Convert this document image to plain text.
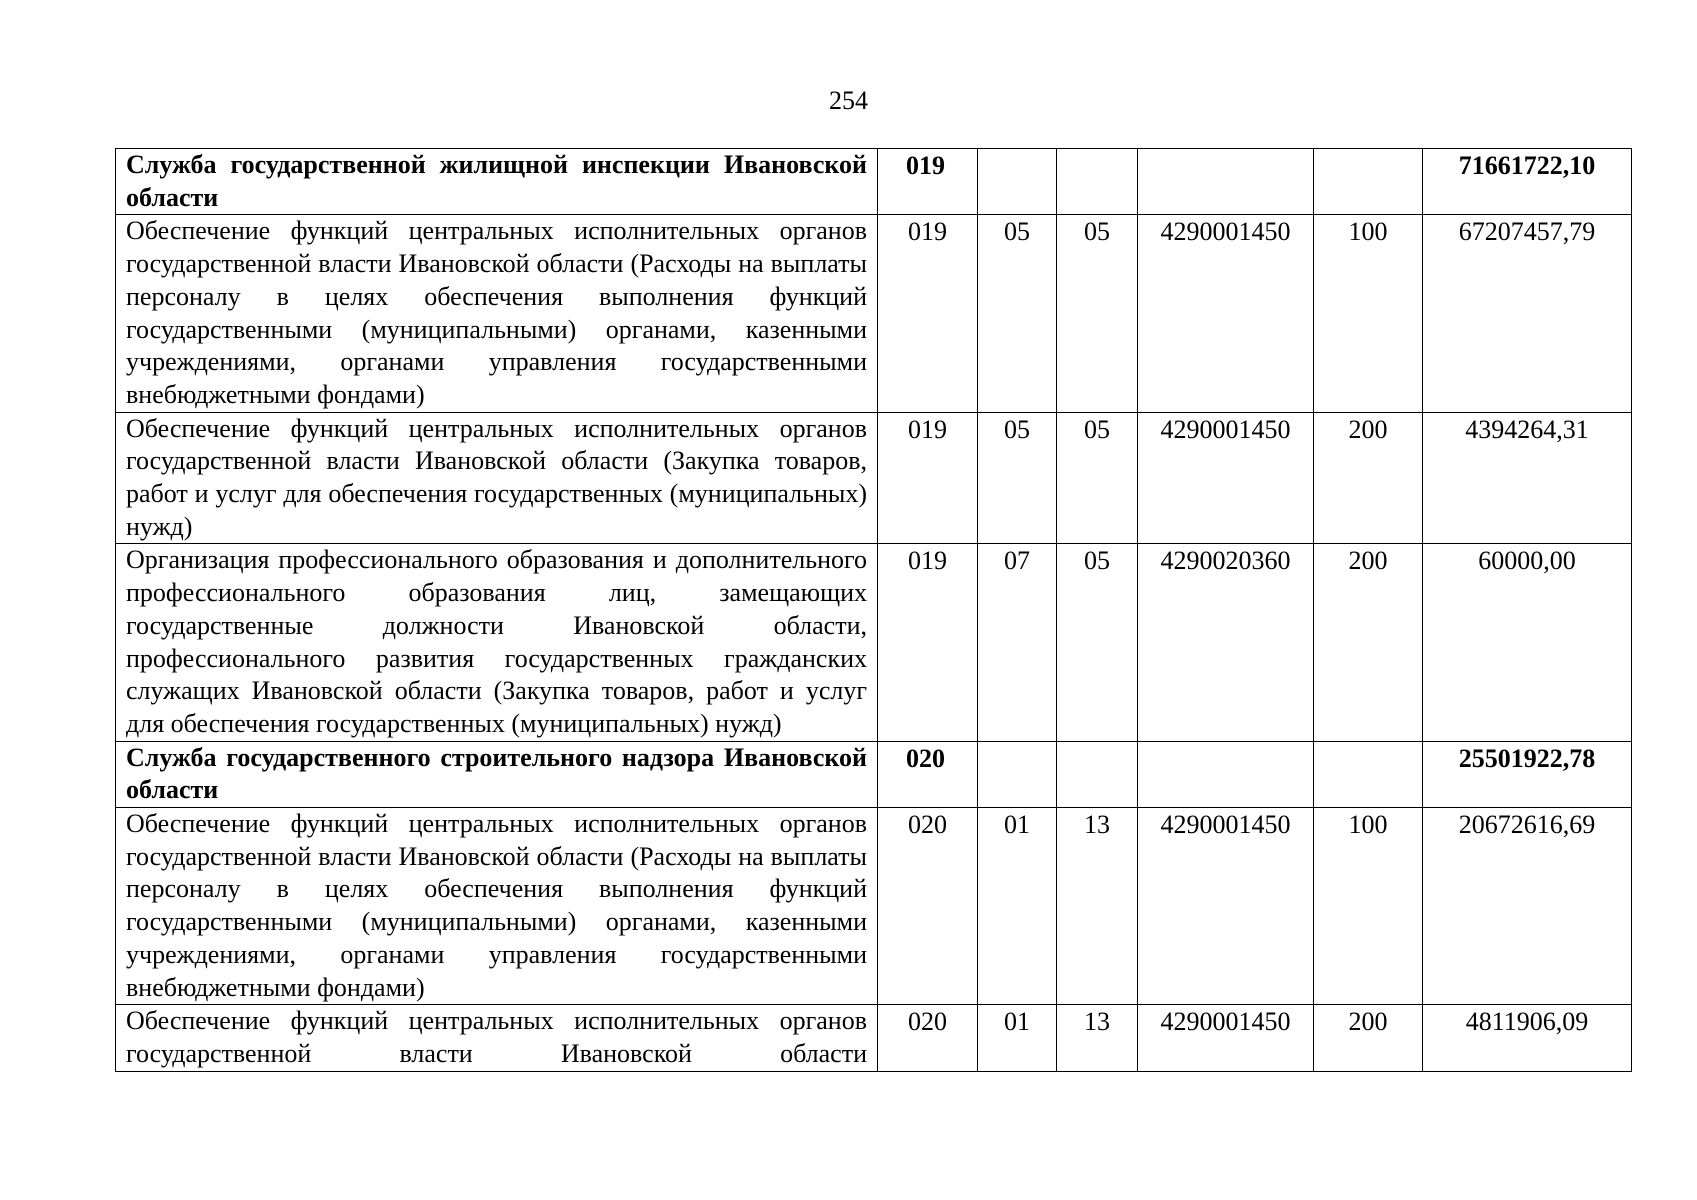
254
Служба государственной жилищной инспекции Ивановской области	019					71661722,10
Обеспечение функций центральных исполнительных органов государственной власти Ивановской области (Расходы на выплаты персоналу в целях обеспечения выполнения функций государственными (муниципальными) органами, казенными учреждениями, органами управления государственными внебюджетными фондами)	019	05	05	4290001450	100	67207457,79
Обеспечение функций центральных исполнительных органов государственной власти Ивановской области (Закупка товаров, работ и услуг для обеспечения государственных (муниципальных) нужд)	019	05	05	4290001450	200	4394264,31
Организация профессионального образования и дополнительного профессионального образования лиц, замещающих государственные должности Ивановской области, профессионального развития государственных гражданских служащих Ивановской области (Закупка товаров, работ и услуг для обеспечения государственных (муниципальных) нужд)	019	07	05	4290020360	200	60000,00
Служба государственного строительного надзора Ивановской области	020					25501922,78
Обеспечение функций центральных исполнительных органов государственной власти Ивановской области (Расходы на выплаты персоналу в целях обеспечения выполнения функций государственными (муниципальными) органами, казенными учреждениями, органами управления государственными внебюджетными фондами)	020	01	13	4290001450	100	20672616,69
Обеспечение функций центральных исполнительных органов государственной власти Ивановской области	020	01	13	4290001450	200	4811906,09
